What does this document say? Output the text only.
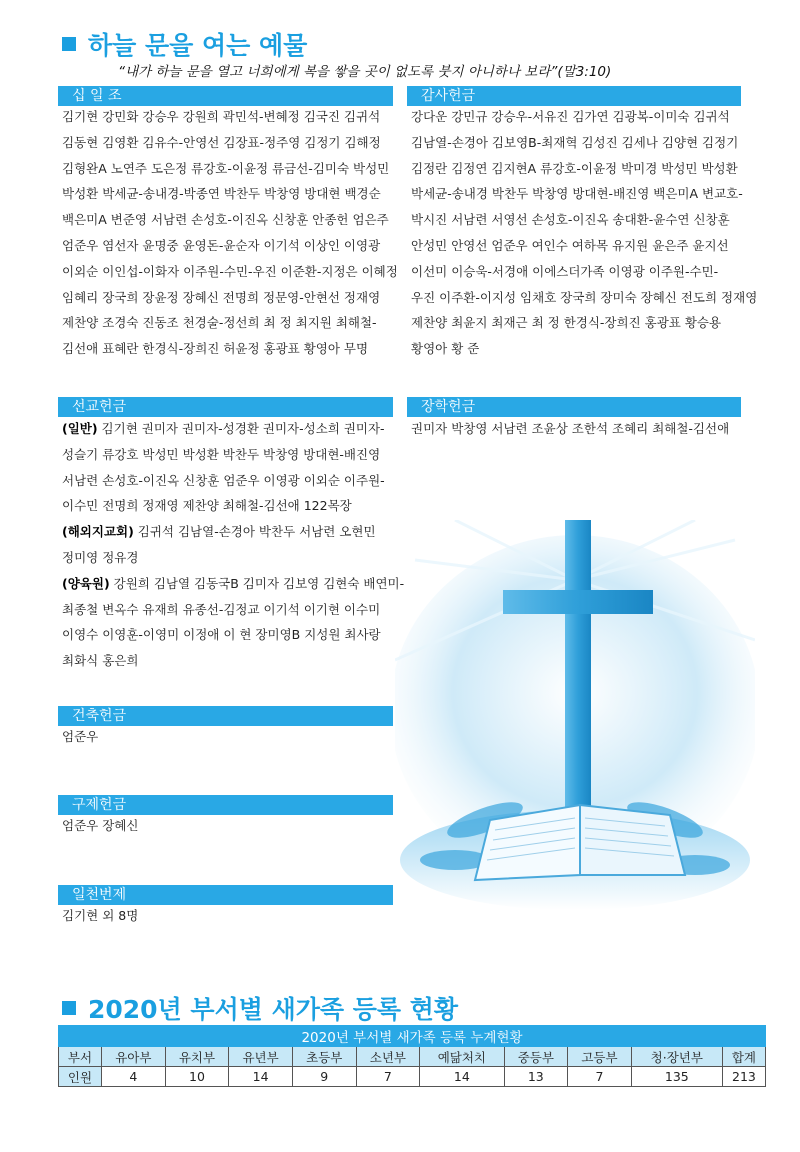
하늘 문을 여는 예물
“내가 하늘 문을 열고 너희에게 복을 쌓을 곳이 없도록 붓지 아니하나 보라”(말3:10)
십 일 조
김기현 강민화 강승우 강원희 곽민석-변혜정 김국진 김귀석
김동현 김영환 김유수-안영선 김장표-정주영 김정기 김해정
김형완A 노연주 도은정 류강호-이윤정 류금선-김미숙 박성민
박성환 박세균-송내경-박종연 박찬두 박창영 방대현 백경순
백은미A 변준영 서남련 손성호-이진옥 신창훈 안종헌 엄은주
엄준우 염선자 윤명중 윤영돈-윤순자 이기석 이상인 이영광
이외순 이인섭-이화자 이주원-수민-우진 이준환-지정은 이혜정
임혜리 장국희 장윤정 장혜신 전명희 정문영-안현선 정재영
제찬양 조경숙 진동조 천경술-정선희 최 정 최지원 최해철-
김선애 표혜란 한경식-장희진 허윤정 홍광표 황영아 무명
감사헌금
강다운 강민규 강승우-서유진 김가연 김광복-이미숙 김귀석
김남열-손경아 김보영B-최재혁 김성진 김세나 김양현 김정기
김정란 김정연 김지현A 류강호-이윤정 박미경 박성민 박성환
박세균-송내경 박찬두 박창영 방대현-배진영 백은미A 변교호-
박시진 서남련 서영선 손성호-이진옥 송대환-윤수연 신창훈
안성민 안영선 엄준우 여인수 여하목 유지원 윤은주 윤지선
이선미 이승욱-서경애 이에스더가족 이영광 이주원-수민-
우진 이주환-이지성 임채호 장국희 장미숙 장혜신 전도희 정재영
제찬양 최윤지 최재근 최 정 한경식-장희진 홍광표 황승용
황영아 황 준
선교헌금
(일반) 김기현 권미자 권미자-성경환 권미자-성소희 권미자-
성슬기 류강호 박성민 박성환 박찬두 박창영 방대현-배진영
서남련 손성호-이진옥 신창훈 엄준우 이영광 이외순 이주원-
이수민 전명희 정재영 제찬양 최해철-김선애 122목장
(해외지교회) 김귀석 김남열-손경아 박찬두 서남련 오현민
정미영 정유경
(양육원) 강원희 김남열 김동국B 김미자 김보영 김현숙 배연미-
최종철 변옥수 유재희 유종선-김정교 이기석 이기현 이수미
이영수 이영훈-이영미 이정애 이 현 장미영B 지성원 최사랑
최화식 홍은희
장학헌금
권미자 박창영 서남련 조윤상 조한석 조혜리 최해철-김선애
건축헌금
엄준우
구제헌금
엄준우 장혜신
일천번제
김기현 외 8명
2020년 부서별 새가족 등록 현황
2020년 부서별 새가족 등록 누계현황										
부서	유아부	유치부	유년부	초등부	소년부	예닮처치	중등부	고등부	청·장년부	합계
인원	4	10	14	9	7	14	13	7	135	213
